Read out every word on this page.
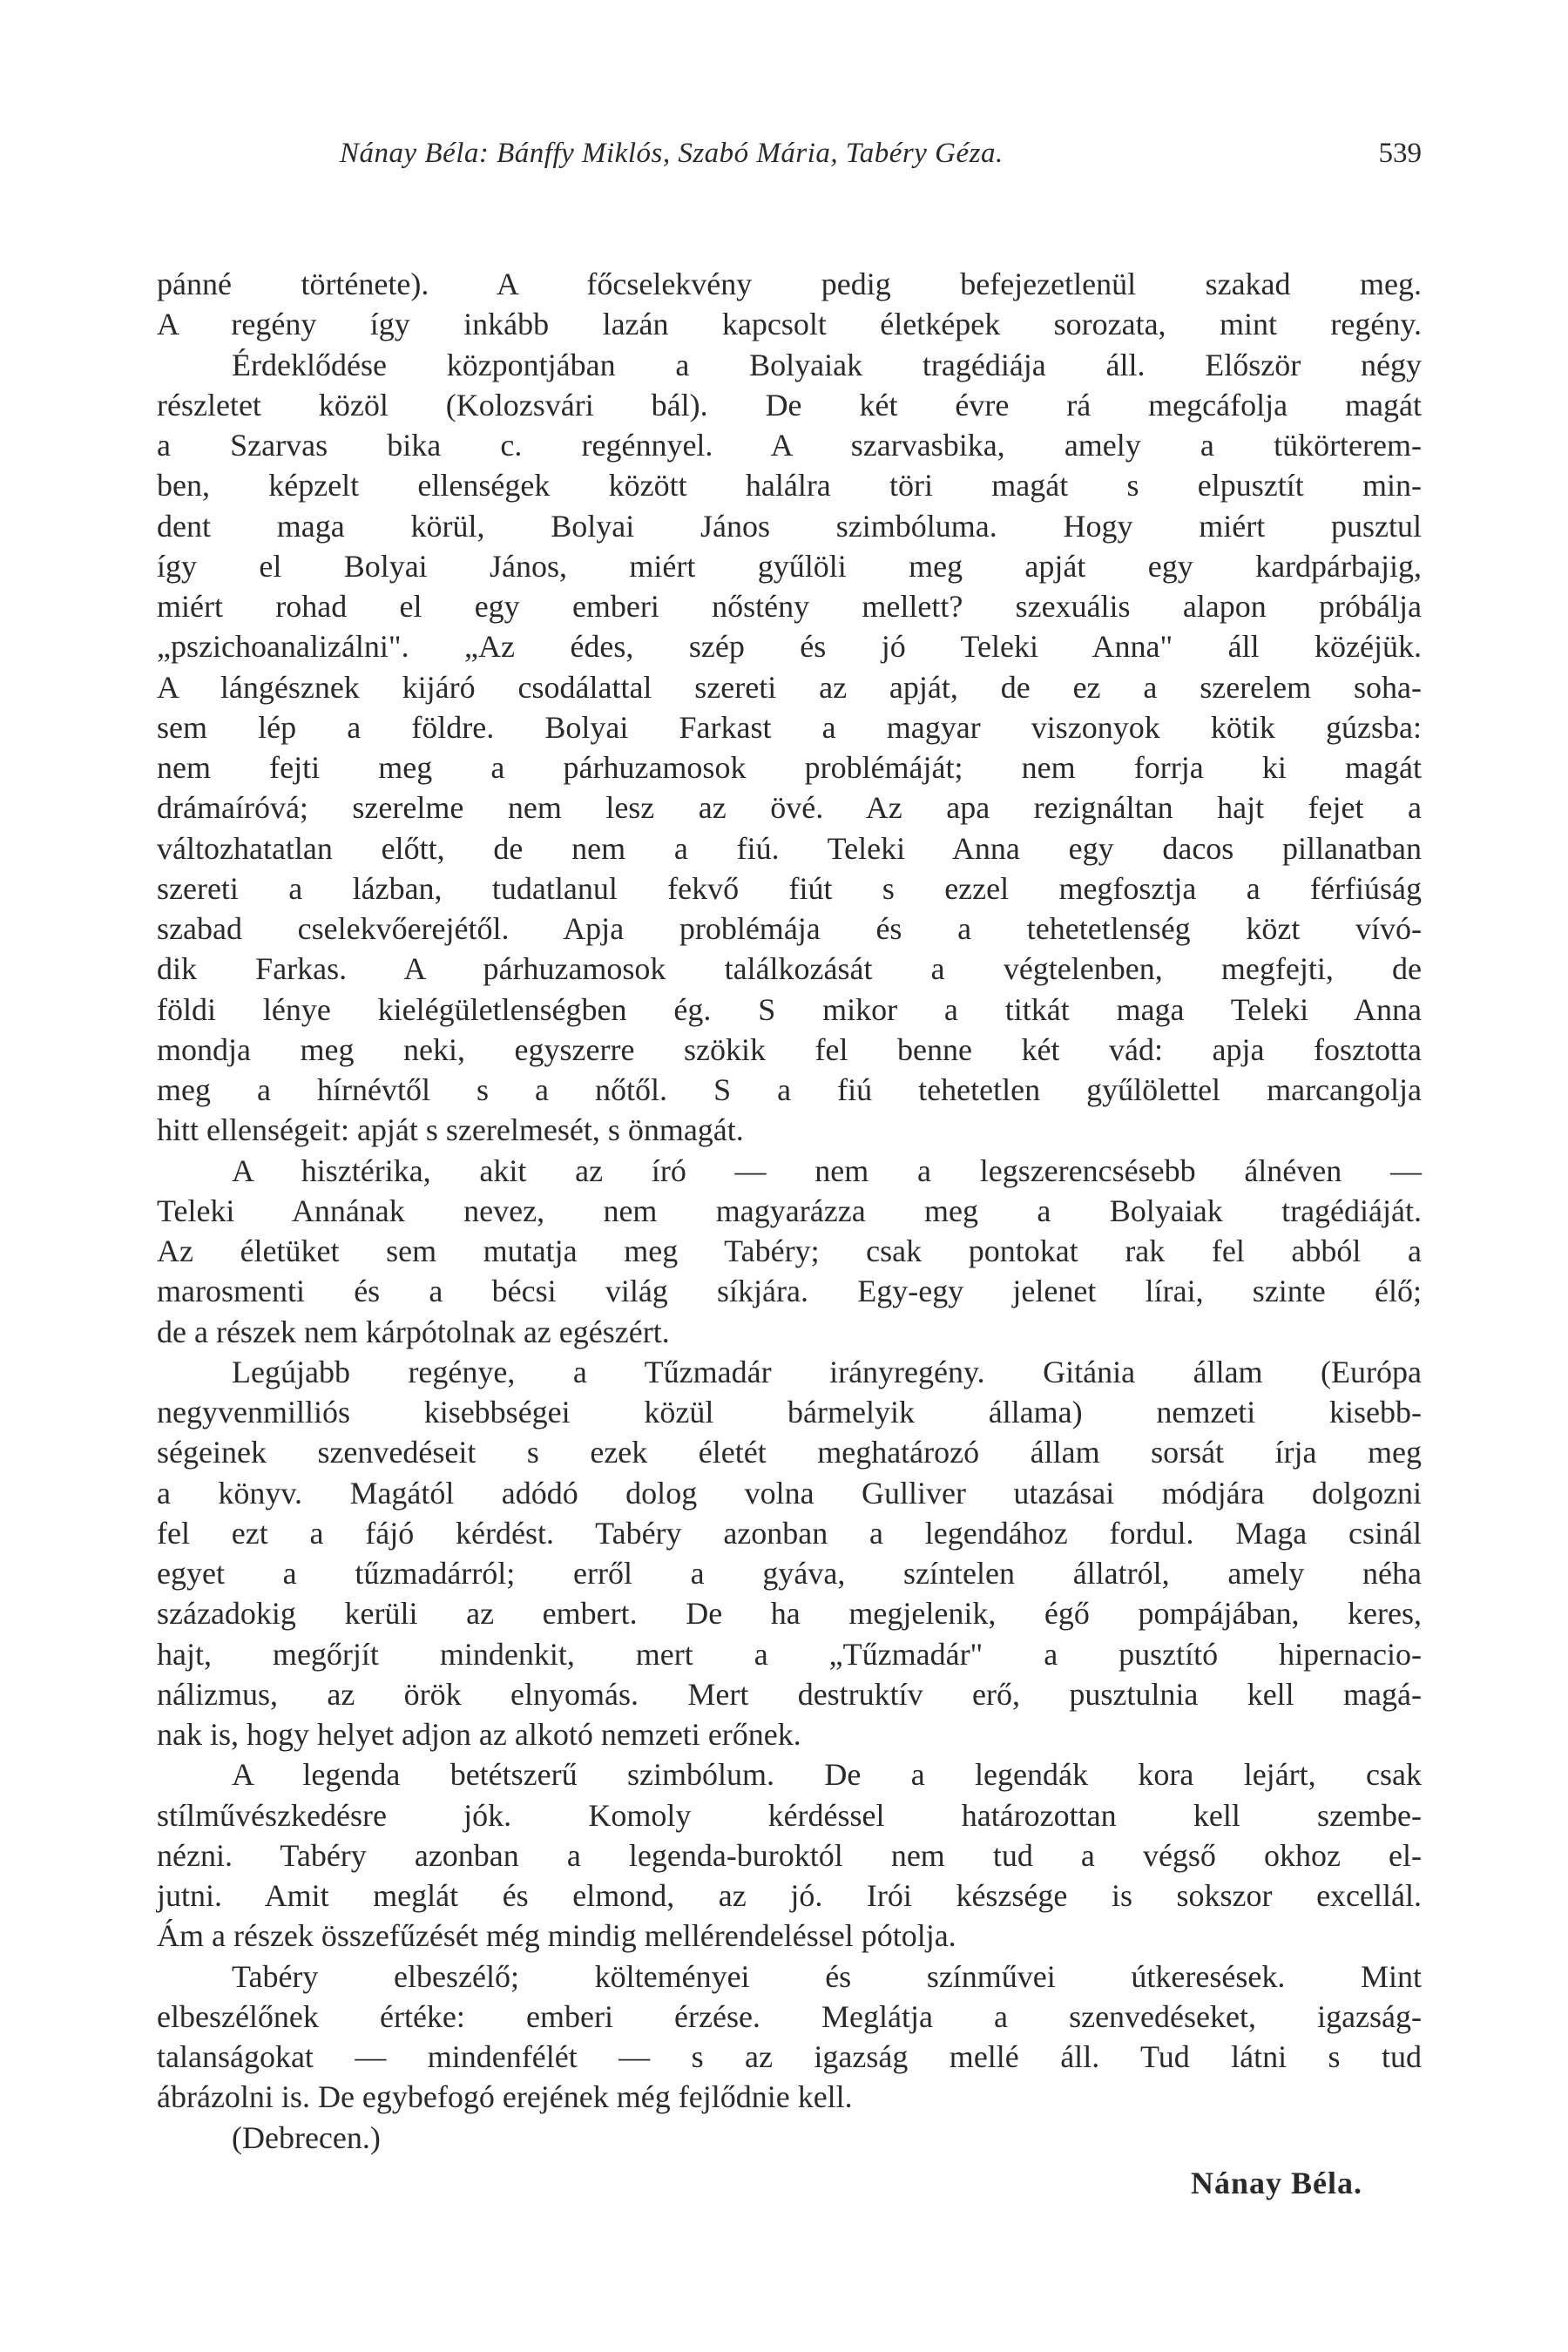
Nánay Béla: Bánffy Miklós, Szabó Mária, Tabéry Géza.	539
pánné története). A főcselekvény pedig befejezetlenül szakad meg.
A regény így inkább lazán kapcsolt életképek sorozata, mint regény.
Érdeklődése központjában a Bolyaiak tragédiája áll. Először négy
részletet közöl (Kolozsvári bál). De két évre rá megcáfolja magát
a Szarvas bika c. regénnyel. A szarvasbika, amely a tükörterem-
ben, képzelt ellenségek között halálra töri magát s elpusztít min-
dent maga körül, Bolyai János szimbóluma. Hogy miért pusztul
így el Bolyai János, miért gyűlöli meg apját egy kardpárbajig,
miért rohad el egy emberi nőstény mellett? szexuális alapon próbálja
„pszichoanalizálni". „Az édes, szép és jó Teleki Anna" áll közéjük.
A lángésznek kijáró csodálattal szereti az apját, de ez a szerelem soha-
sem lép a földre. Bolyai Farkast a magyar viszonyok kötik gúzsba:
nem fejti meg a párhuzamosok problémáját; nem forrja ki magát
drámaíróvá; szerelme nem lesz az övé. Az apa rezignáltan hajt fejet a
változhatatlan előtt, de nem a fiú. Teleki Anna egy dacos pillanatban
szereti a lázban, tudatlanul fekvő fiút s ezzel megfosztja a férfiúság
szabad cselekvőerejétől. Apja problémája és a tehetetlenség közt vívó-
dik Farkas. A párhuzamosok találkozását a végtelenben, megfejti, de
földi lénye kielégületlenségben ég. S mikor a titkát maga Teleki Anna
mondja meg neki, egyszerre szökik fel benne két vád: apja fosztotta
meg a hírnévtől s a nőtől. S a fiú tehetetlen gyűlölettel marcangolja
hitt ellenségeit: apját s szerelmesét, s önmagát.
A hisztérika, akit az író — nem a legszerencsésebb álnéven —
Teleki Annának nevez, nem magyarázza meg a Bolyaiak tragédiáját.
Az életüket sem mutatja meg Tabéry; csak pontokat rak fel abból a
marosmenti és a bécsi világ síkjára. Egy-egy jelenet lírai, szinte élő;
de a részek nem kárpótolnak az egészért.
Legújabb regénye, a Tűzmadár irányregény. Gitánia állam (Európa
negyvenmilliós kisebbségei közül bármelyik állama) nemzeti kisebb-
ségeinek szenvedéseit s ezek életét meghatározó állam sorsát írja meg
a könyv. Magától adódó dolog volna Gulliver utazásai módjára dolgozni
fel ezt a fájó kérdést. Tabéry azonban a legendához fordul. Maga csinál
egyet a tűzmadárról; erről a gyáva, színtelen állatról, amely néha
századokig kerüli az embert. De ha megjelenik, égő pompájában, keres,
hajt, megőrjít mindenkit, mert a „Tűzmadár" a pusztító hipernacio-
nálizmus, az örök elnyomás. Mert destruktív erő, pusztulnia kell magá-
nak is, hogy helyet adjon az alkotó nemzeti erőnek.
A legenda betétszerű szimbólum. De a legendák kora lejárt, csak
stílművészkedésre jók. Komoly kérdéssel határozottan kell szembe-
nézni. Tabéry azonban a legenda-buroktól nem tud a végső okhoz el-
jutni. Amit meglát és elmond, az jó. Irói készsége is sokszor excellál.
Ám a részek összefűzését még mindig mellérendeléssel pótolja.
Tabéry elbeszélő; költeményei és színművei útkeresések. Mint
elbeszélőnek értéke: emberi érzése. Meglátja a szenvedéseket, igazság-
talanságokat — mindenfélét — s az igazság mellé áll. Tud látni s tud
ábrázolni is. De egybefogó erejének még fejlődnie kell.
(Debrecen.)
Nánay Béla.
